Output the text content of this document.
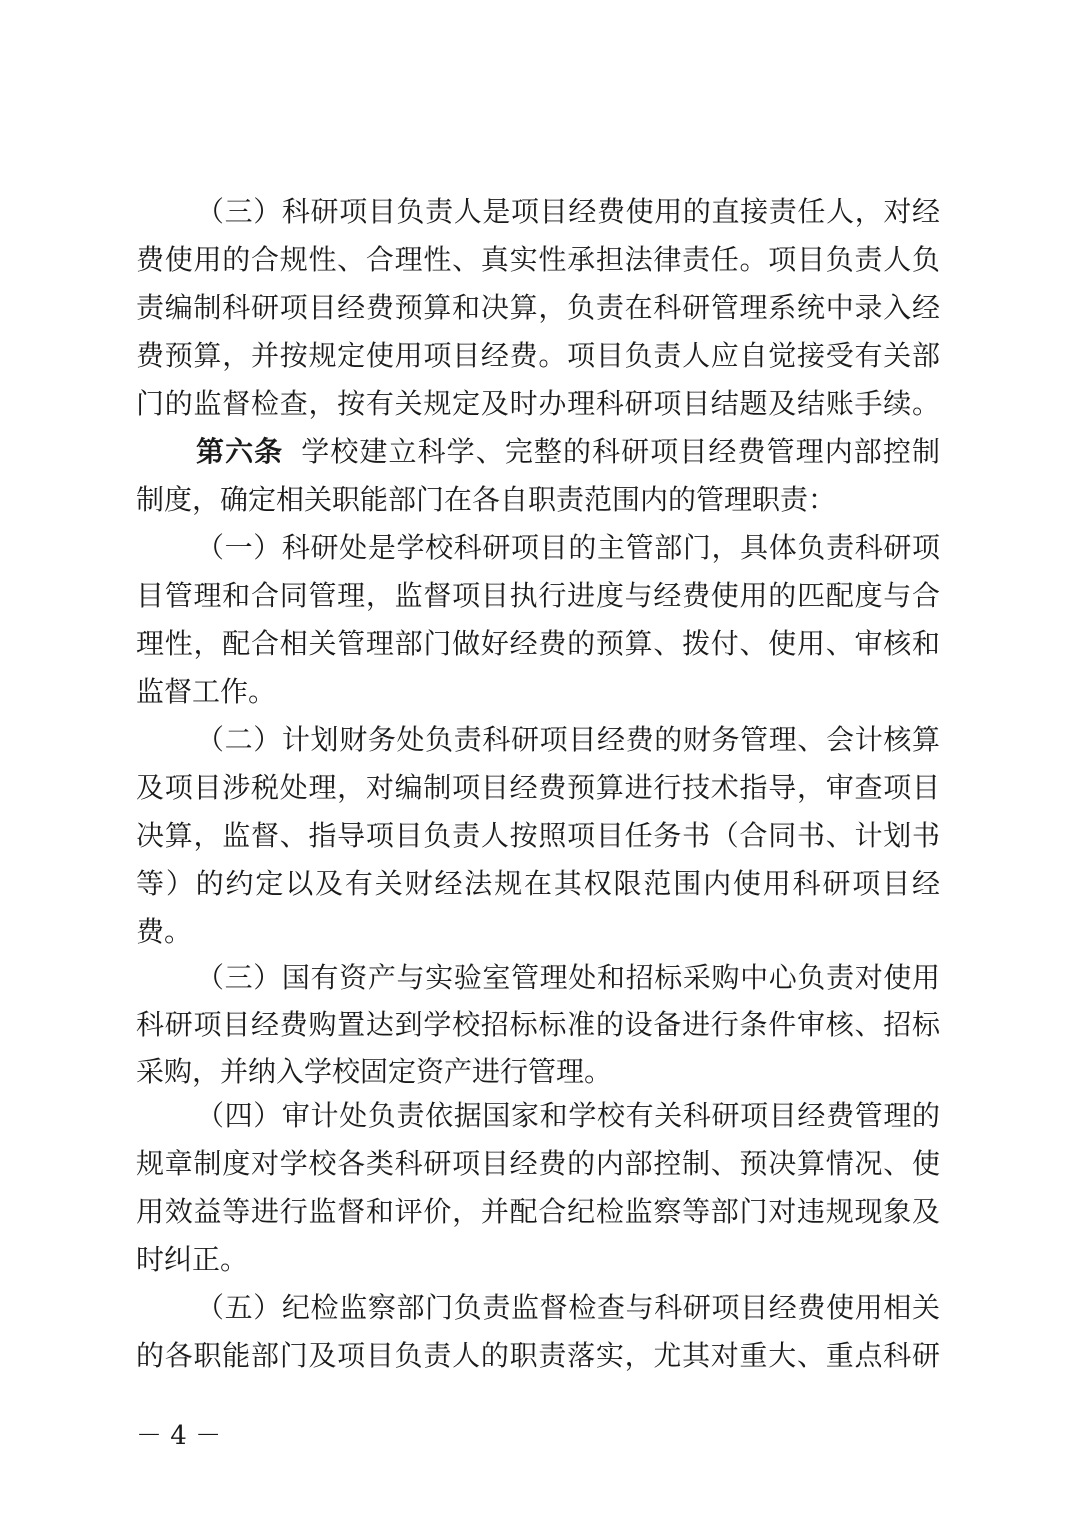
（三）科研项目负责人是项目经费使用的直接责任人，对经
费使用的合规性、合理性、真实性承担法律责任。项目负责人负
责编制科研项目经费预算和决算，负责在科研管理系统中录入经
费预算，并按规定使用项目经费。项目负责人应自觉接受有关部
门的监督检查，按有关规定及时办理科研项目结题及结账手续。
第六条 学校建立科学、完整的科研项目经费管理内部控制
制度，确定相关职能部门在各自职责范围内的管理职责：
（一）科研处是学校科研项目的主管部门，具体负责科研项
目管理和合同管理，监督项目执行进度与经费使用的匹配度与合
理性，配合相关管理部门做好经费的预算、拨付、使用、审核和
监督工作。
（二）计划财务处负责科研项目经费的财务管理、会计核算
及项目涉税处理，对编制项目经费预算进行技术指导，审查项目
决算，监督、指导项目负责人按照项目任务书（合同书、计划书
等）的约定以及有关财经法规在其权限范围内使用科研项目经
费。
（三）国有资产与实验室管理处和招标采购中心负责对使用
科研项目经费购置达到学校招标标准的设备进行条件审核、招标
采购，并纳入学校固定资产进行管理。
（四）审计处负责依据国家和学校有关科研项目经费管理的
规章制度对学校各类科研项目经费的内部控制、预决算情况、使
用效益等进行监督和评价，并配合纪检监察等部门对违规现象及
时纠正。
（五）纪检监察部门负责监督检查与科研项目经费使用相关
的各职能部门及项目负责人的职责落实，尤其对重大、重点科研
－ 4 －
